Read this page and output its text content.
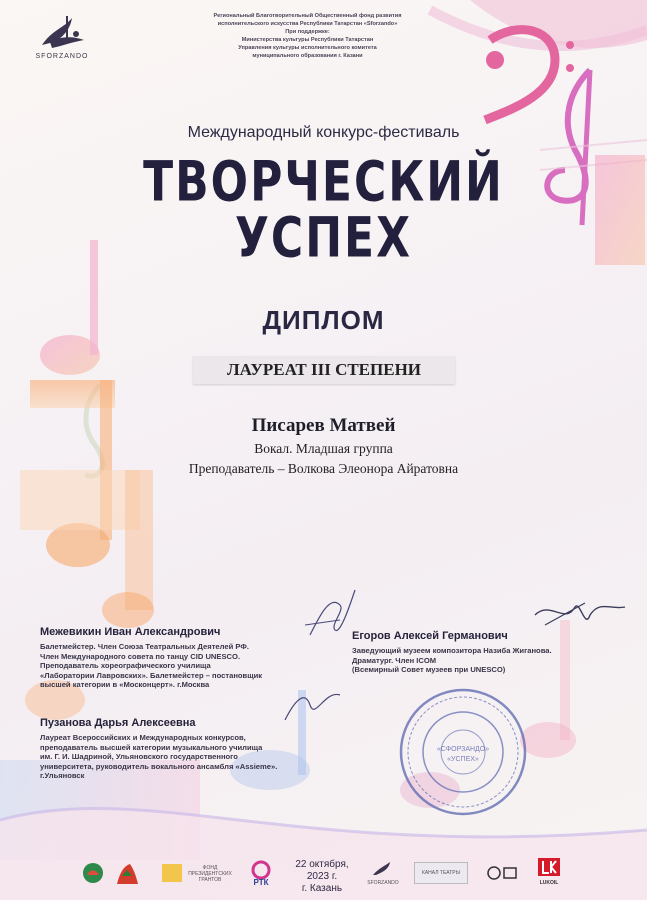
SFORZANDO
Региональный Благотворительный Общественный фонд развития
исполнительского искусства Республики Татарстан «Sforzando»
При поддержке:
Министерства культуры Республики Татарстан
Управления культуры исполнительного комитета
муниципального образования г. Казани
Международный конкурс-фестиваль
ТВОРЧЕСКИЙ
УСПЕХ
ДИПЛОМ
ЛАУРЕАТ III СТЕПЕНИ
Писарев Матвей
Вокал. Младшая группа
Преподаватель – Волкова Элеонора Айратовна
Межевикин Иван Александрович
Балетмейстер. Член Союза Театральных Деятелей РФ.
Член Международного совета по танцу CID UNESCO.
Преподаватель хореографического училища
«Лаборатории Лавровских». Балетмейстер – постановщик
высшей категории в «Москонцерт». г.Москва
Егоров Алексей Германович
Заведующий музеем композитора Назиба Жиганова.
Драматург. Член ICOM
(Всемирный Совет музеев при UNESCO)
Пузанова Дарья Алексеевна
Лауреат Всероссийских и Международных конкурсов,
преподаватель высшей категории музыкального училища
им. Г. И. Шадриной, Ульяновского государственного
университета, руководитель вокального ансамбля «Assieme».
г.Ульяновск
«СФОРЗАНДО»
«УСПЕХ»
ФОНД ПРЕЗИДЕНТСКИХ ГРАНТОВ	РТК
22 октября,
2023 г.
г. Казань	SFORZANDO
КАНАЛ ТЕАТРЫ
LUKOIL
